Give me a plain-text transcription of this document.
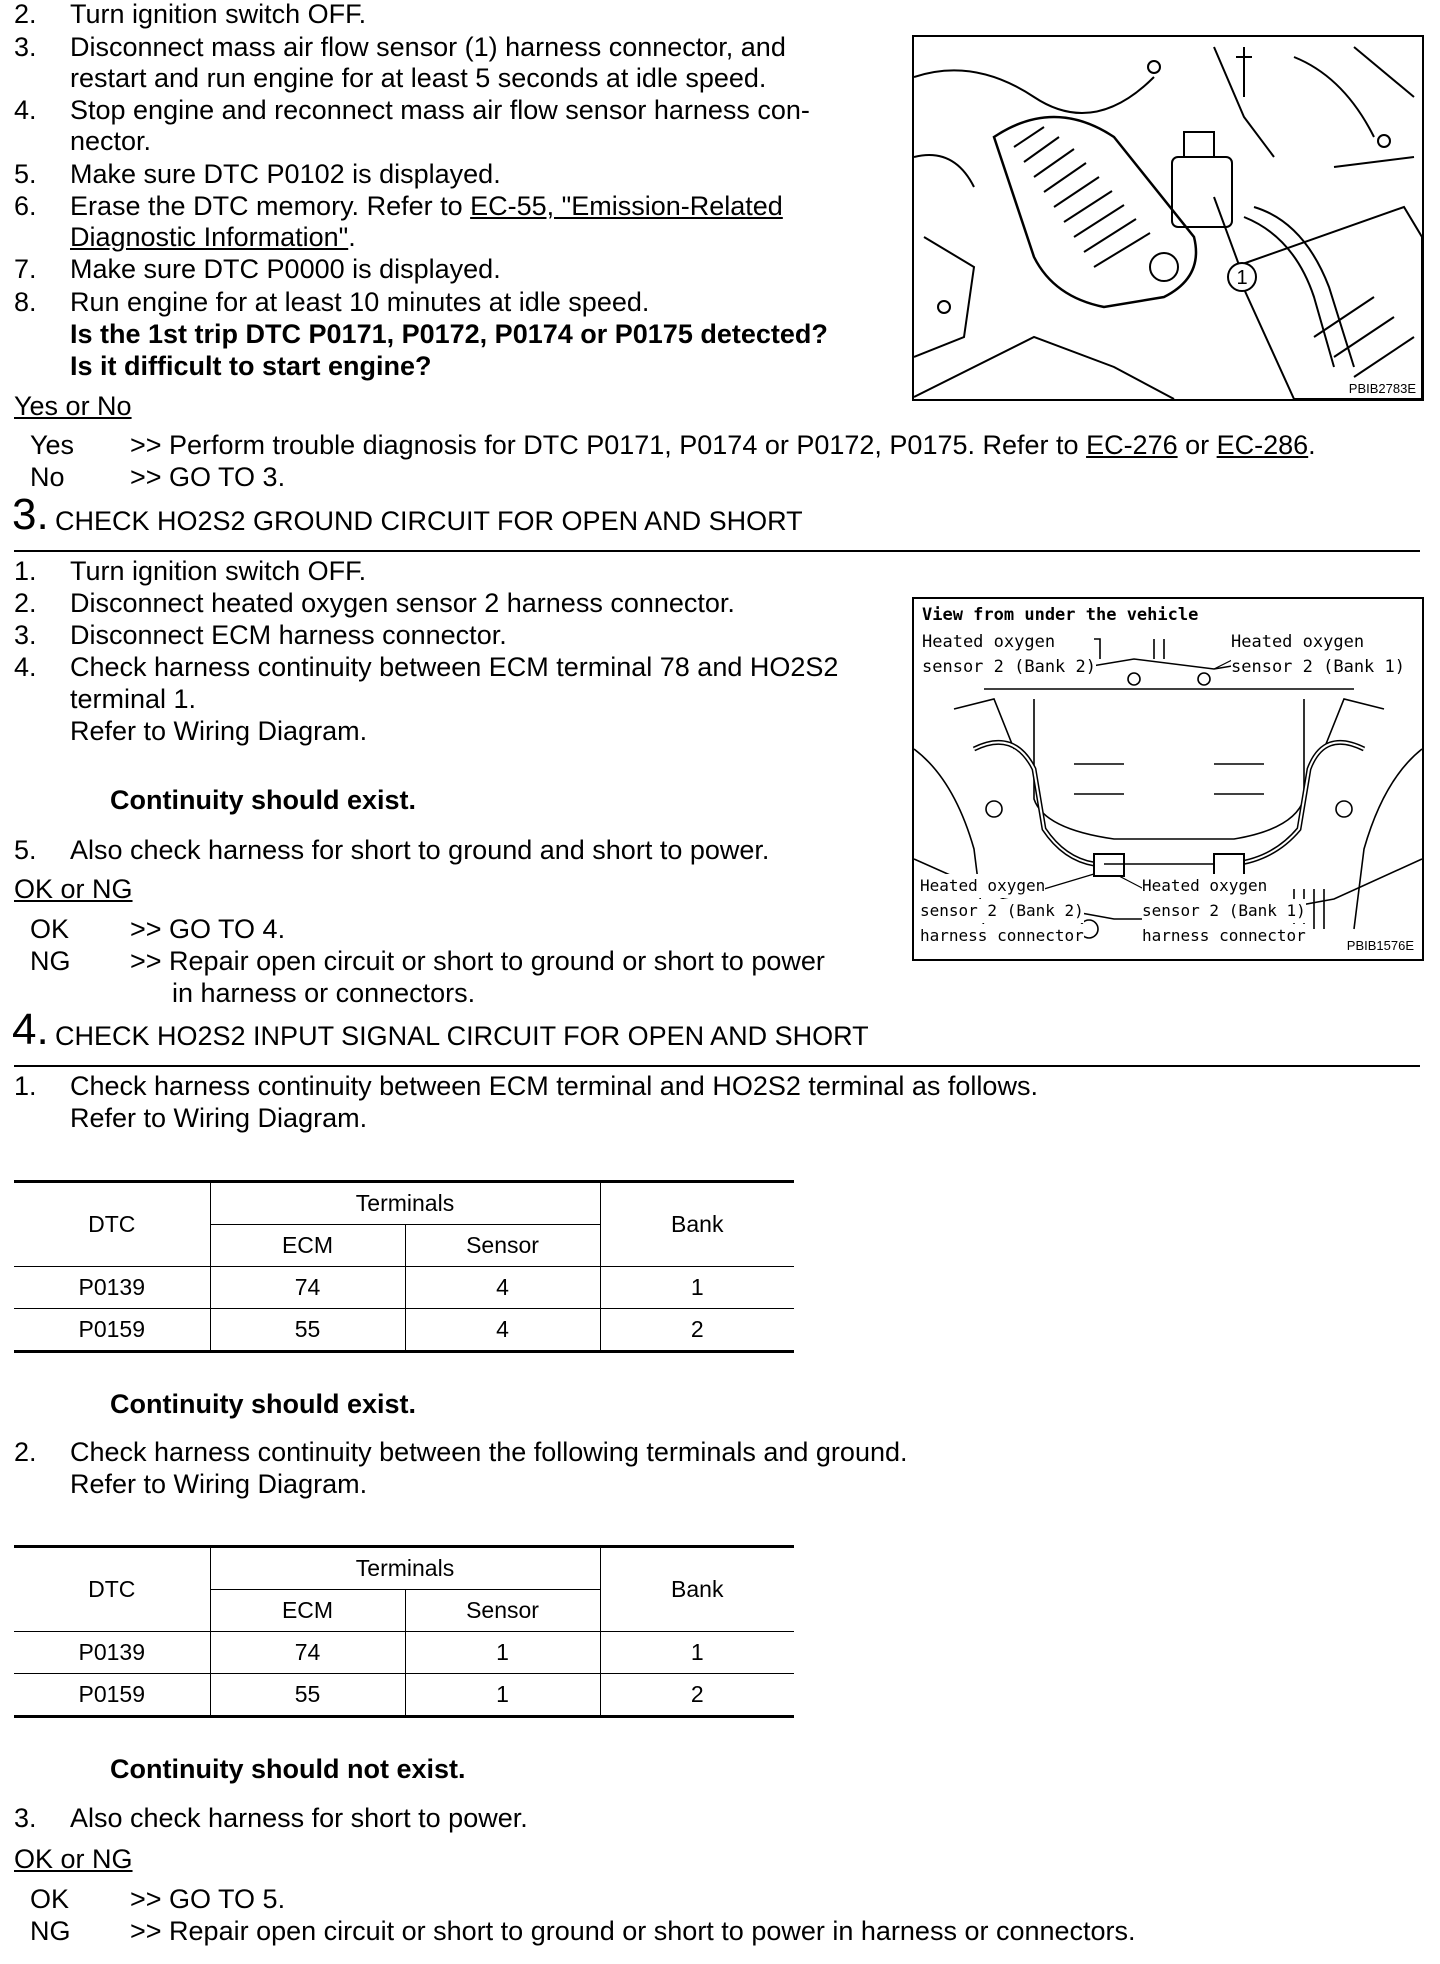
2. Turn ignition switch OFF.
3. Disconnect mass air flow sensor (1) harness connector, and
restart and run engine for at least 5 seconds at idle speed.
4. Stop engine and reconnect mass air flow sensor harness con-
nector.
5. Make sure DTC P0102 is displayed.
6. Erase the DTC memory. Refer to EC-55, "Emission-Related
Diagnostic Information".
7. Make sure DTC P0000 is displayed.
8. Run engine for at least 10 minutes at idle speed.
Is the 1st trip DTC P0171, P0172, P0174 or P0175 detected?
Is it difficult to start engine?
Yes or No
Yes >> Perform trouble diagnosis for DTC P0171, P0174 or P0172, P0175. Refer to EC-276 or EC-286.
No >> GO TO 3.
1
PBIB2783E
3. CHECK HO2S2 GROUND CIRCUIT FOR OPEN AND SHORT
1. Turn ignition switch OFF.
2. Disconnect heated oxygen sensor 2 harness connector.
3. Disconnect ECM harness connector.
4. Check harness continuity between ECM terminal 78 and HO2S2
terminal 1.
Refer to Wiring Diagram.
Continuity should exist.
5. Also check harness for short to ground and short to power.
OK or NG
OK >> GO TO 4.
NG >> Repair open circuit or short to ground or short to power
in harness or connectors.
View from under the vehicle
Heated oxygen
sensor 2 (Bank 2)
Heated oxygen
sensor 2 (Bank 1)
Heated oxygen
sensor 2 (Bank 2)
harness connector
Heated oxygen
sensor 2 (Bank 1)
harness connector
PBIB1576E
4. CHECK HO2S2 INPUT SIGNAL CIRCUIT FOR OPEN AND SHORT
1. Check harness continuity between ECM terminal and HO2S2 terminal as follows.
Refer to Wiring Diagram.
DTC	Terminals		Bank
	ECM	Sensor	
P0139	74	4	1
P0159	55	4	2
Continuity should exist.
2. Check harness continuity between the following terminals and ground.
Refer to Wiring Diagram.
DTC	Terminals		Bank
	ECM	Sensor	
P0139	74	1	1
P0159	55	1	2
Continuity should not exist.
3. Also check harness for short to power.
OK or NG
OK >> GO TO 5.
NG >> Repair open circuit or short to ground or short to power in harness or connectors.
